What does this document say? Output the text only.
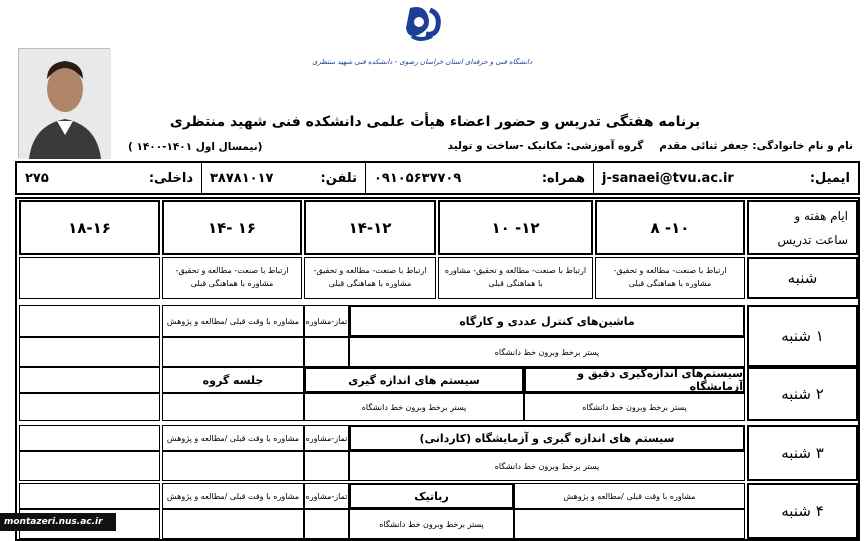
دانشگاه فنی و حرفه‌ای استان خراسان رضوی - دانشکده فنی شهید منتظری
برنامه هفتگی تدریس و حضور اعضاء هیأت علمی دانشکده فنی شهید منتظری
نام و نام خانوادگی: جعفر ثنائی مقدم گروه آموزشی: مکانیک -ساخت و تولید
(نیمسال اول ۱۴۰۱-۱۴۰۰ )
ایمیل:
j-sanaei@tvu.ac.ir
همراه:
۰۹۱۰۵۶۳۷۷۰۹
تلفن:
۳۸۷۸۱۰۱۷
داخلی:
۲۷۵
ایام هفته و
ساعت تدریس
۱۰- ۸
۱۲- ۱۰
۱۴-۱۲
۱۶ -۱۴
۱۸-۱۶
شنبه
ارتباط با صنعت- مطالعه و تحقیق- مشاوره با هماهنگی قبلی
ارتباط با صنعت- مطالعه و تحقیق- مشاوره با هماهنگی قبلی
ارتباط با صنعت- مطالعه و تحقیق- مشاوره با هماهنگی قبلی
ارتباط با صنعت- مطالعه و تحقیق- مشاوره با هماهنگی قبلی
۱ شنبه
ماشین‌های کنترل عددی و کارگاه
پستر برخط وبرون خط دانشگاه
تماز-مشاوره
مشاوره با وقت قبلی /مطالعه و پژوهش
۲ شنبه
سیستم‌های اندازه‌گیری دقیق و آزمایشگاه
پستر برخط وبرون خط دانشگاه
سیستم های اندازه گیری
پستر برخط وبرون خط دانشگاه
جلسه گروه
۳ شنبه
سیستم های اندازه گیری و آزمایشگاه (کاردانی)
پستر برخط وبرون خط دانشگاه
تماز-مشاوره
مشاوره با وقت قبلی /مطالعه و پژوهش
۴ شنبه
مشاوره با وقت قبلی /مطالعه و پژوهش
رباتیک
پستر برخط وبرون خط دانشگاه
تماز-مشاوره
مشاوره با وقت قبلی /مطالعه و پژوهش
montazeri.nus.ac.ir
